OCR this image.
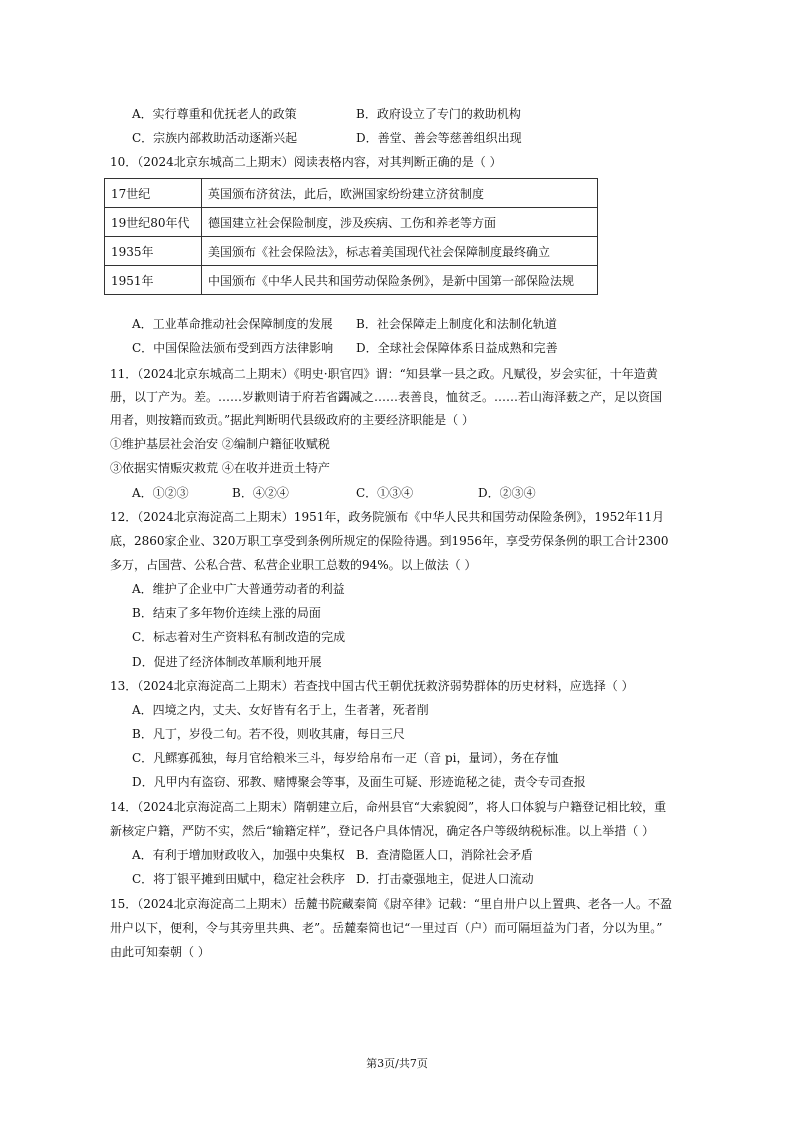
A．实行尊重和优抚老人的政策	B．政府设立了专门的救助机构
C．宗族内部救助活动逐渐兴起	D．善堂、善会等慈善组织出现
10．（2024北京东城高二上期末）阅读表格内容，对其判断正确的是（ ）
17世纪	英国颁布济贫法，此后，欧洲国家纷纷建立济贫制度
19世纪80年代	德国建立社会保险制度，涉及疾病、工伤和养老等方面
1935年	美国颁布《社会保险法》，标志着美国现代社会保障制度最终确立
1951年	中国颁布《中华人民共和国劳动保险条例》，是新中国第一部保险法规
A．工业革命推动社会保障制度的发展 B．社会保障走上制度化和法制化轨道
C．中国保险法颁布受到西方法律影响 D．全球社会保障体系日益成熟和完善
11．（2024北京东城高二上期末）《明史·职官四》谓：“知县掌一县之政。凡赋役，岁会实征，十年造黄
册，以丁产为。差。……岁歉则请于府若省蠲减之……表善良，恤贫乏。……若山海泽薮之产，足以资国
用者，则按籍而致贡。”据此判断明代县级政府的主要经济职能是（ ）
①维护基层社会治安 ②编制户籍征收赋税
③依据实情赈灾救荒 ④在收并进贡土特产
A．①②③	B．④②④	C．①③④	D．②③④
12．（2024北京海淀高二上期末）1951年，政务院颁布《中华人民共和国劳动保险条例》，1952年11月
底，2860家企业、320万职工享受到条例所规定的保险待遇。到1956年，享受劳保条例的职工合计2300
多万，占国营、公私合营、私营企业职工总数的94%。以上做法（ ）
A．维护了企业中广大普通劳动者的利益
B．结束了多年物价连续上涨的局面
C．标志着对生产资料私有制改造的完成
D．促进了经济体制改革顺利地开展
13．（2024北京海淀高二上期末）若查找中国古代王朝优抚救济弱势群体的历史材料，应选择（ ）
A．四境之内，丈夫、女好皆有名于上，生者著，死者削
B．凡丁，岁役二旬。若不役，则收其庸，每日三尺
C．凡鳏寡孤独，每月官给粮米三斗，每岁给帛布一疋（音 pi，量词），务在存恤
D．凡甲内有盗窃、邪教、赌博聚会等事，及面生可疑、形迹诡秘之徒，责令专司查报
14．（2024北京海淀高二上期末）隋朝建立后，命州县官“大索貌阅”，将人口体貌与户籍登记相比较，重
新核定户籍，严防不实，然后“输籍定样”，登记各户具体情况，确定各户等级纳税标准。以上举措（ ）
A．有利于增加财政收入，加强中央集权 B．查清隐匿人口，消除社会矛盾
C．将丁银平摊到田赋中，稳定社会秩序 D．打击豪强地主，促进人口流动
15．（2024北京海淀高二上期末）岳麓书院藏秦简《尉卒律》记载：“里自卅户以上置典、老各一人。不盈
卅户以下，便利，令与其旁里共典、老”。岳麓秦简也记“一里过百（户）而可隔垣益为门者，分以为里。”
由此可知秦朝（ ）
第3页/共7页
